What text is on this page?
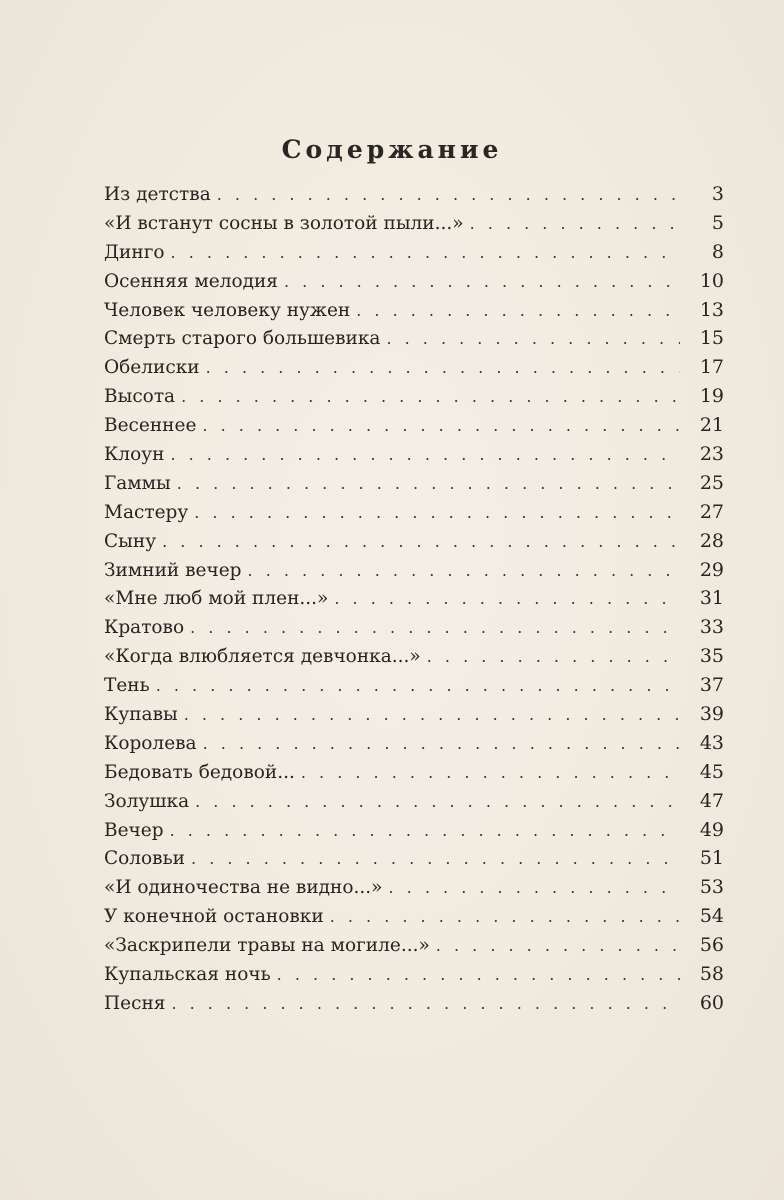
Содержание
Из детства . . .	3
«И встанут сосны в золотой пыли...» . . .	5
Динго . . .	8
Осенняя мелодия . . .	10
Человек человеку нужен . . .	13
Смерть старого большевика . . .	15
Обелиски . . .	17
Высота . . .	19
Весеннее . . .	21
Клоун . . .	23
Гаммы . . .	25
Мастеру . . .	27
Сыну . . .	28
Зимний вечер . . .	29
«Мне люб мой плен...» . . .	31
Кратово . . .	33
«Когда влюбляется девчонка...» . . .	35
Тень . . .	37
Купавы . . .	39
Королева . . .	43
Бедовать бедовой... . . .	45
Золушка . . .	47
Вечер . . .	49
Соловьи . . .	51
«И одиночества не видно...» . . .	53
У конечной остановки . . .	54
«Заскрипели травы на могиле...» . . .	56
Купальская ночь . . .	58
Песня . . .	60
